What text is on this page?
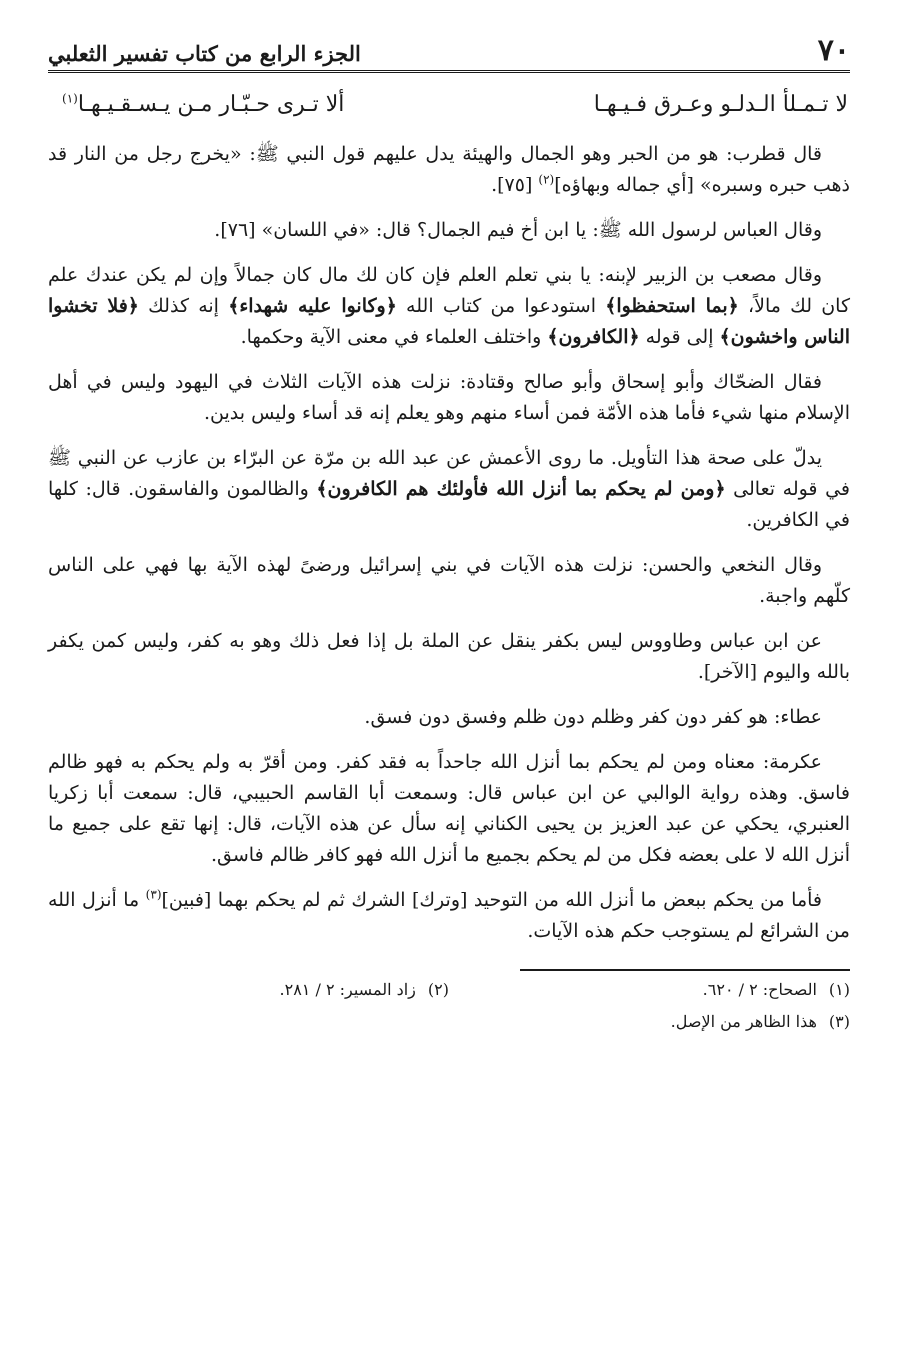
٧٠
الجزء الرابع من كتاب تفسير الثعلبي
لا تـمـلأ الـدلـو وعـرق فـيـهـا
ألا تـرى حـبّـار مـن يـسـقـيـهـا$^{(١)}$

قال قطرب: هو من الحبر وهو الجمال والهيئة يدل عليهم قول النبي ﷺ: «يخرج رجل من النار قد ذهب حبره وسبره» [أي جماله وبهاؤه]$^{(٢)}$ [٧٥].

وقال العباس لرسول الله ﷺ: يا ابن أخ فيم الجمال؟ قال: «في اللسان» [٧٦].

وقال مصعب بن الزبير لإبنه: يا بني تعلم العلم فإن كان لك مال كان جمالاً وإن لم يكن عندك علم كان لك مالاً، ﴿بما استحفظوا﴾ استودعوا من كتاب الله ﴿وكانوا عليه شهداء﴾ إنه كذلك ﴿فلا تخشوا الناس واخشون﴾ إلى قوله ﴿الكافرون﴾ واختلف العلماء في معنى الآية وحكمها.

فقال الضحّاك وأبو إسحاق وأبو صالح وقتادة: نزلت هذه الآيات الثلاث في اليهود وليس في أهل الإسلام منها شيء فأما هذه الأمّة فمن أساء منهم وهو يعلم إنه قد أساء وليس بدين.

يدلّ على صحة هذا التأويل. ما روى الأعمش عن عبد الله بن مرّة عن البرّاء بن عازب عن النبي ﷺ في قوله تعالى ﴿ومن لم يحكم بما أنزل الله فأولئك هم الكافرون﴾ والظالمون والفاسقون. قال: كلها في الكافرين.

وقال النخعي والحسن: نزلت هذه الآيات في بني إسرائيل ورضىً لهذه الآية بها فهي على الناس كلّهم واجبة.

عن ابن عباس وطاووس ليس بكفر ينقل عن الملة بل إذا فعل ذلك وهو به كفر، وليس كمن يكفر بالله واليوم [الآخر].

عطاء: هو كفر دون كفر وظلم دون ظلم وفسق دون فسق.

عكرمة: معناه ومن لم يحكم بما أنزل الله جاحداً به فقد كفر. ومن أقرّ به ولم يحكم به فهو ظالم فاسق. وهذه رواية الوالبي عن ابن عباس قال: وسمعت أبا القاسم الحبيبي، قال: سمعت أبا زكريا العنبري، يحكي عن عبد العزيز بن يحيى الكناني إنه سأل عن هذه الآيات، قال: إنها تقع على جميع ما أنزل الله لا على بعضه فكل من لم يحكم بجميع ما أنزل الله فهو كافر ظالم فاسق.

فأما من يحكم ببعض ما أنزل الله من التوحيد [وترك] الشرك ثم لم يحكم بهما [فبين]$^{(٣)}$ ما أنزل الله من الشرائع لم يستوجب حكم هذه الآيات.

(١)الصحاح: ٢ / ٦٢٠.
(٢)زاد المسير: ٢ / ٢٨١.
(٣)هذا الظاهر من الإصل.
